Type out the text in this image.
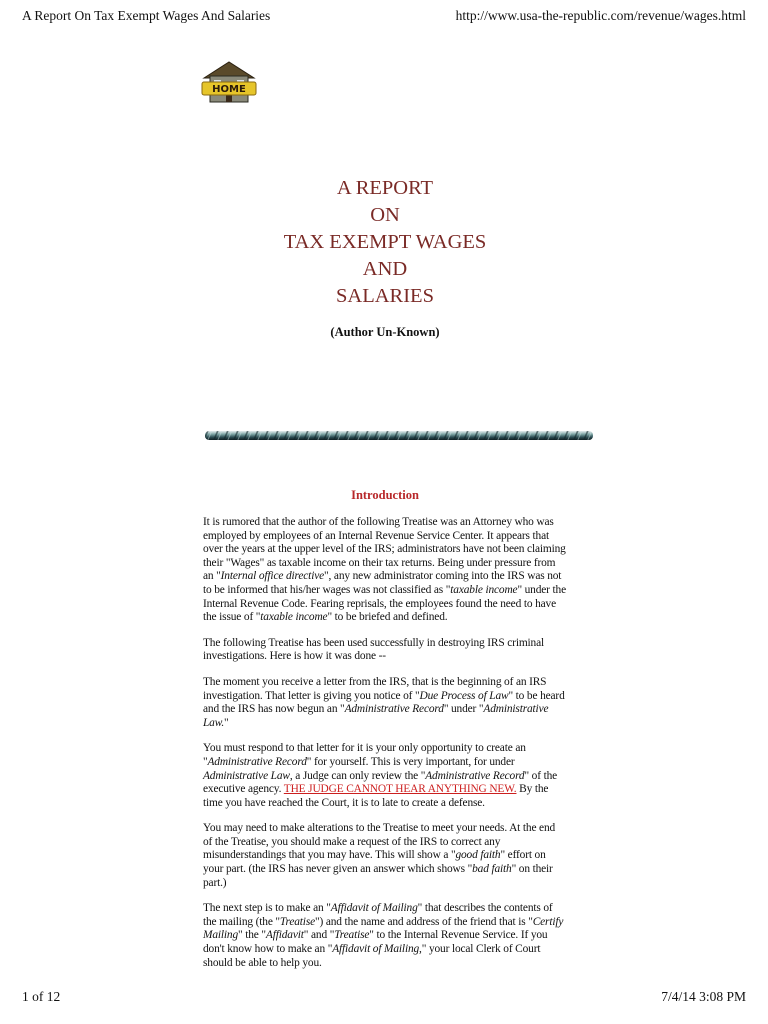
A Report On Tax Exempt Wages And Salaries	http://www.usa-the-republic.com/revenue/wages.html
HOME
A REPORT
ON
TAX EXEMPT WAGES
AND
SALARIES
(Author Un-Known)
Introduction

It is rumored that the author of the following Treatise was an Attorney who was employed by employees of an Internal Revenue Service Center. It appears that over the years at the upper level of the IRS; administrators have not been claiming their "Wages" as taxable income on their tax returns. Being under pressure from an "Internal office directive", any new administrator coming into the IRS was not to be informed that his/her wages was not classified as "taxable income" under the Internal Revenue Code. Fearing reprisals, the employees found the need to have the issue of "taxable income" to be briefed and defined.

The following Treatise has been used successfully in destroying IRS criminal investigations. Here is how it was done --

The moment you receive a letter from the IRS, that is the beginning of an IRS investigation. That letter is giving you notice of "Due Process of Law" to be heard and the IRS has now begun an "Administrative Record" under "Administrative Law."

You must respond to that letter for it is your only opportunity to create an "Administrative Record" for yourself. This is very important, for under Administrative Law, a Judge can only review the "Administrative Record" of the executive agency. THE JUDGE CANNOT HEAR ANYTHING NEW. By the time you have reached the Court, it is to late to create a defense.

You may need to make alterations to the Treatise to meet your needs. At the end of the Treatise, you should make a request of the IRS to correct any misunderstandings that you may have. This will show a "good faith" effort on your part. (the IRS has never given an answer which shows "bad faith" on their part.)

The next step is to make an "Affidavit of Mailing" that describes the contents of the mailing (the "Treatise") and the name and address of the friend that is "Certify Mailing" the "Affidavit" and "Treatise" to the Internal Revenue Service. If you don't know how to make an "Affidavit of Mailing," your local Clerk of Court should be able to help you.

1 of 12	7/4/14 3:08 PM
